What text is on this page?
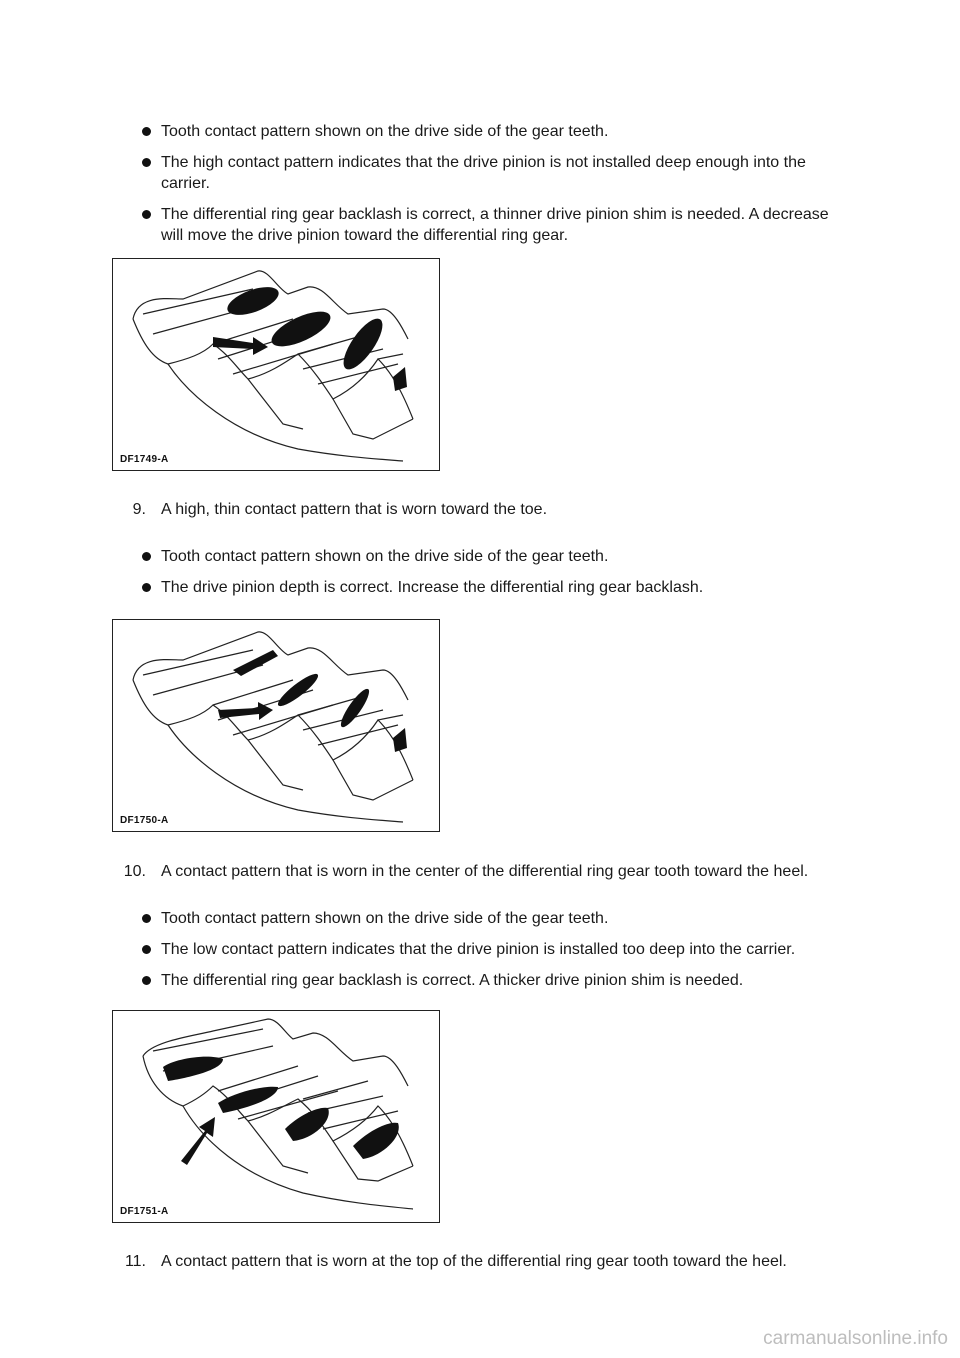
Tooth contact pattern shown on the drive side of the gear teeth.
The high contact pattern indicates that the drive pinion is not installed deep enough into the carrier.
The differential ring gear backlash is correct, a thinner drive pinion shim is needed. A decrease will move the drive pinion toward the differential ring gear.
DF1749-A
9. A high, thin contact pattern that is worn toward the toe.
Tooth contact pattern shown on the drive side of the gear teeth.
The drive pinion depth is correct. Increase the differential ring gear backlash.
DF1750-A
10. A contact pattern that is worn in the center of the differential ring gear tooth toward the heel.
Tooth contact pattern shown on the drive side of the gear teeth.
The low contact pattern indicates that the drive pinion is installed too deep into the carrier.
The differential ring gear backlash is correct. A thicker drive pinion shim is needed.
DF1751-A
11. A contact pattern that is worn at the top of the differential ring gear tooth toward the heel.
carmanualsonline.info
